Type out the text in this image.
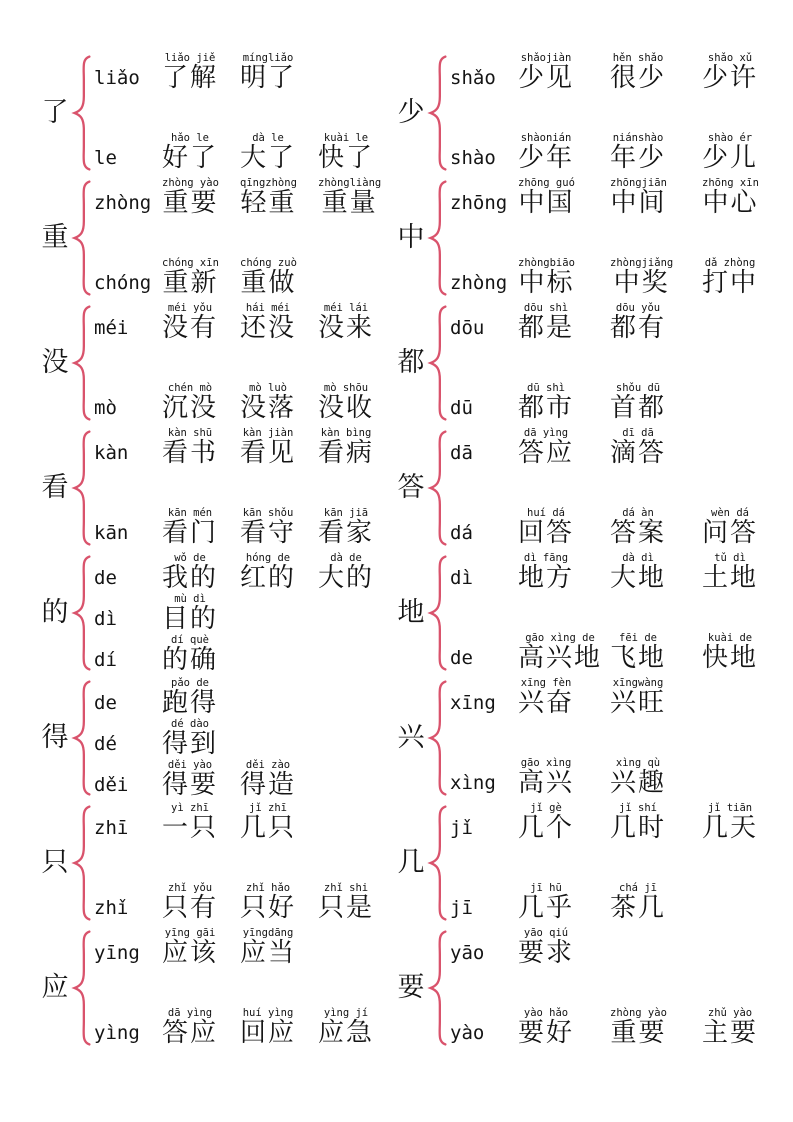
了
liǎo
liǎo jiě
了解
míngliǎo
明了
le
hǎo le
好了
dà le
大了
kuài le
快了
重
zhòng
zhòng yào
重要
qīngzhòng
轻重
zhòngliàng
重量
chóng
chóng xīn
重新
chóng zuò
重做
没
méi
méi yǒu
没有
hái méi
还没
méi lái
没来
mò
chén mò
沉没
mò luò
没落
mò shōu
没收
看
kàn
kàn shū
看书
kàn jiàn
看见
kàn bìng
看病
kān
kān mén
看门
kān shǒu
看守
kān jiā
看家
的
de
wǒ de
我的
hóng de
红的
dà de
大的
dì
mù dì
目的
dí
dí què
的确
得
de
pǎo de
跑得
dé
dé dào
得到
děi
děi yào
得要
děi zào
得造
只
zhī
yì zhī
一只
jǐ zhī
几只
zhǐ
zhǐ yǒu
只有
zhǐ hǎo
只好
zhǐ shi
只是
应
yīng
yīng gāi
应该
yīngdāng
应当
yìng
dā yìng
答应
huí yìng
回应
yìng jí
应急
少
shǎo
shǎojiàn
少见
hěn shǎo
很少
shǎo xǔ
少许
shào
shàonián
少年
niánshào
年少
shào ér
少儿
中
zhōng
zhōng guó
中国
zhōngjiān
中间
zhōng xīn
中心
zhòng
zhòngbiāo
中标
zhòngjiǎng
中奖
dǎ zhòng
打中
都
dōu
dōu shì
都是
dōu yǒu
都有
dū
dū shì
都市
shǒu dū
首都
答
dā
dā yìng
答应
dī dā
滴答
dá
huí dá
回答
dá àn
答案
wèn dá
问答
地
dì
dì fāng
地方
dà dì
大地
tǔ dì
土地
de
gāo xìng de
高兴地
fēi de
飞地
kuài de
快地
兴
xīng
xīng fèn
兴奋
xīngwàng
兴旺
xìng
gāo xìng
高兴
xìng qù
兴趣
几
jǐ
jǐ gè
几个
jǐ shí
几时
jǐ tiān
几天
jī
jī hū
几乎
chá jī
茶几
要
yāo
yāo qiú
要求
yào
yào hǎo
要好
zhòng yào
重要
zhǔ yào
主要
